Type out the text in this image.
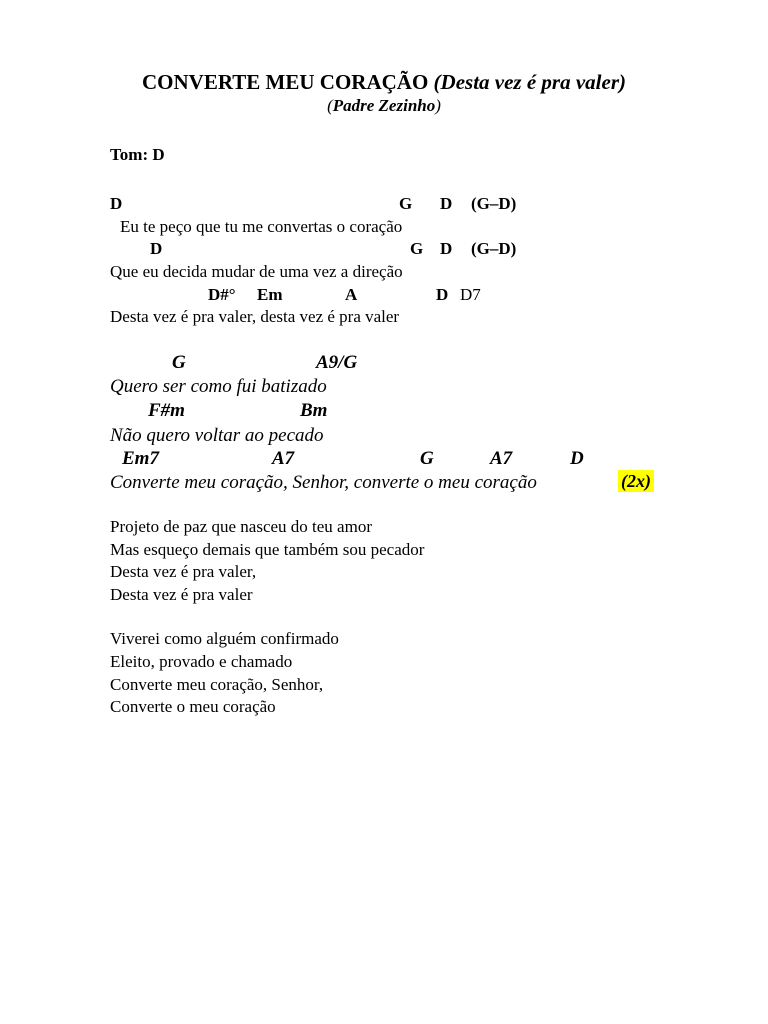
CONVERTE MEU CORAÇÃO (Desta vez é pra valer)
(Padre Zezinho)
Tom: D
D	G D (G–D)
Eu te peço que tu me convertas o coração
D	G D (G–D)
Que eu decida mudar de uma vez a direção
D#° Em	A	D D7
Desta vez é pra valer, desta vez é pra valer
G	A9/G
Quero ser como fui batizado
F#m	Bm
Não quero voltar ao pecado
Em7	A7	G	A7	D
Converte meu coração, Senhor, converte o meu coração	(2x)
Projeto de paz que nasceu do teu amor
Mas esqueço demais que também sou pecador
Desta vez é pra valer,
Desta vez é pra valer
Viverei como alguém confirmado
Eleito, provado e chamado
Converte meu coração, Senhor,
Converte o meu coração
